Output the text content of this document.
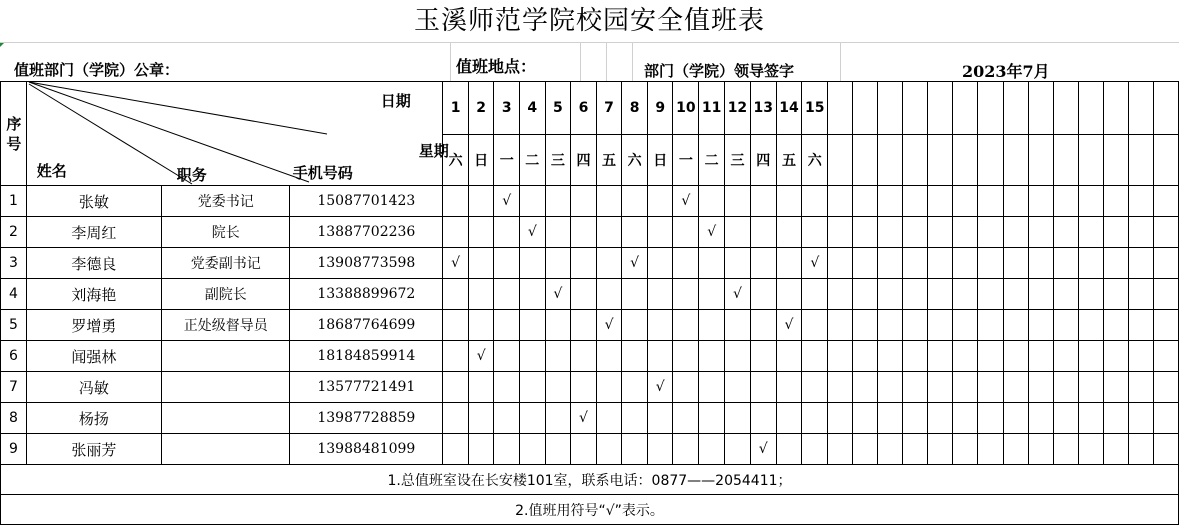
玉溪师范学院校园安全值班表
值班部门（学院）公章：	值班地点：	部门（学院）领导签字	2023年7月
序号	日期
星期
姓名 职务 手机号码			1	2	3	4	5	6	7	8	9	10	11	12	13	14	15														
				六	日	一	二	三	四	五	六	日	一	二	三	四	五	六														
1	张敏	党委书记	15087701423			√							√																			
2	李周红	院长	13887702236				√							√																		
3	李德良	党委副书记	13908773598	√							√							√														
4	刘海艳	副院长	13388899672					√							√																	
5	罗增勇	正处级督导员	18687764699							√							√															
6	闻强林		18184859914		√																											
7	冯敏		13577721491									√																				
8	杨扬		13987728859						√																							
9	张丽芳		13988481099													√																
1.总值班室设在长安楼101室，联系电话：0877——2054411；																																
2.值班用符号“√”表示。																																
